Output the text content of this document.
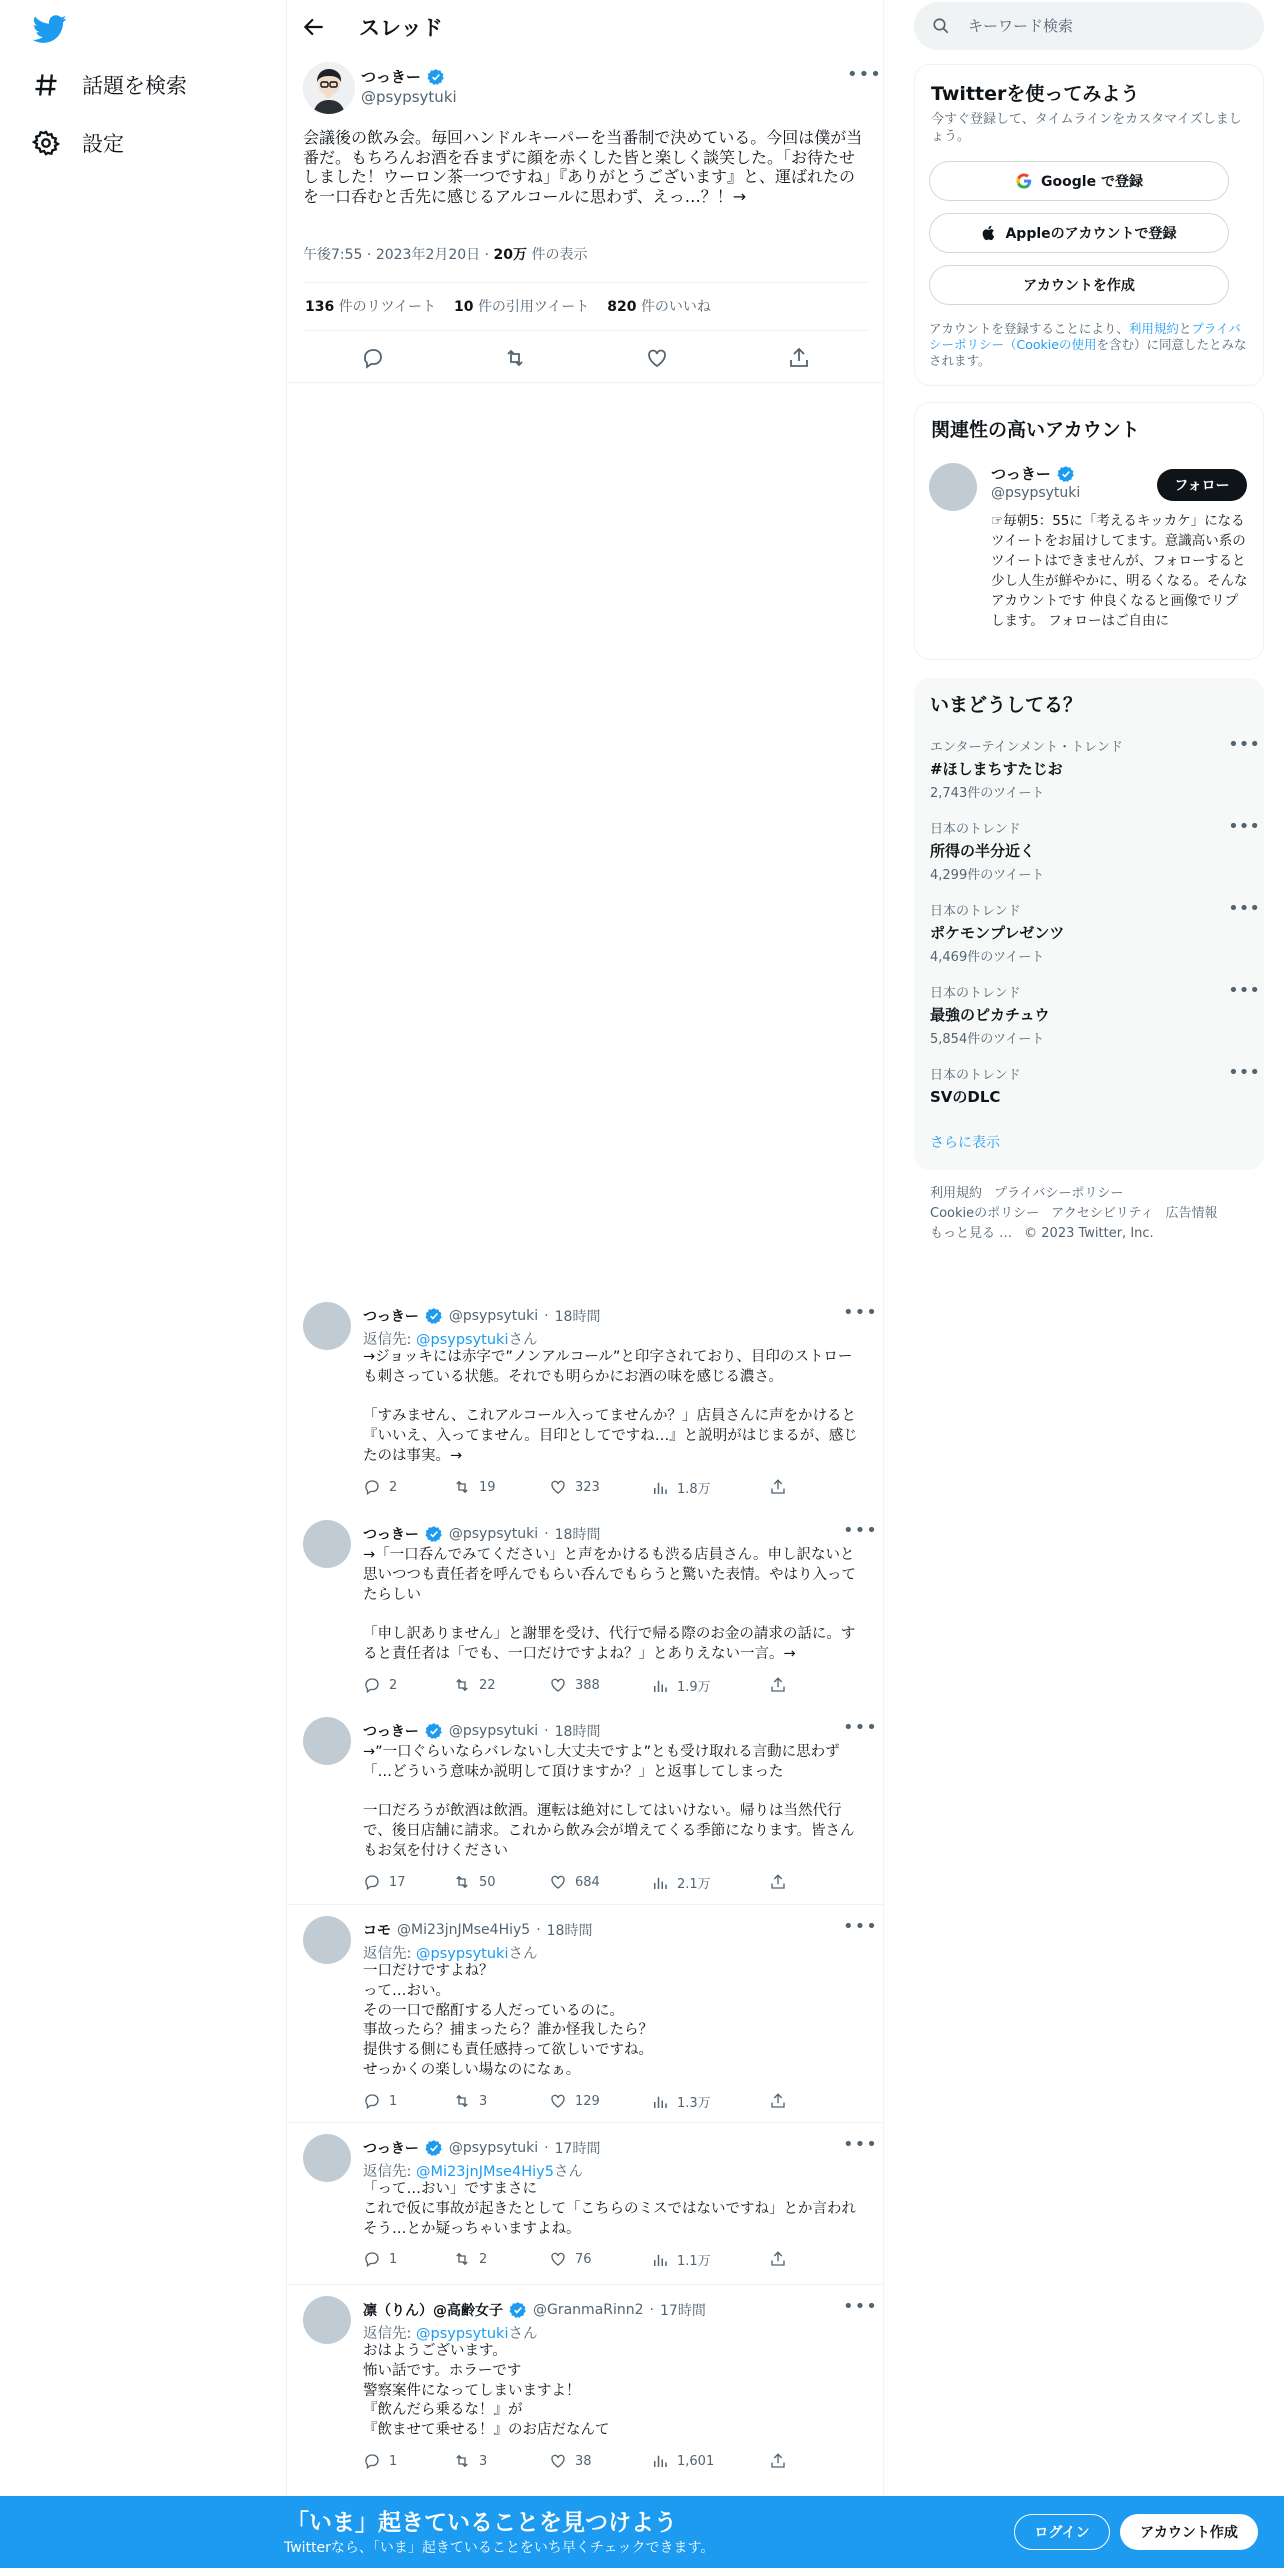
話題を検索
設定
スレッド
つっきー
@psypsytuki
•••
会議後の飲み会。毎回ハンドルキーパーを当番制で決めている。今回は僕が当番だ。もちろんお酒を呑まずに顔を赤くした皆と楽しく談笑した。「お待たせしました！ウーロン茶一つですね」『ありがとうございます』と、運ばれたのを一口呑むと舌先に感じるアルコールに思わず、えっ…？！→
午後7:55 · 2023年2月20日 · 20万 件の表示
136 件のリツイート 10 件の引用ツイート 820 件のいいね
つっきー @psypsytuki · 18時間	•••
返信先: @psypsytukiさん
→ジョッキには赤字で”ノンアルコール”と印字されており、目印のストローも刺さっている状態。それでも明らかにお酒の味を感じる濃さ。

「すみません、これアルコール入ってませんか？」店員さんに声をかけると『いいえ、入ってません。目印としてですね…』と説明がはじまるが、感じたのは事実。→
2	19	323	1.8万
つっきー @psypsytuki · 18時間	•••
→「一口呑んでみてください」と声をかけるも渋る店員さん。申し訳ないと思いつつも責任者を呼んでもらい呑んでもらうと驚いた表情。やはり入ってたらしい

「申し訳ありません」と謝罪を受け、代行で帰る際のお金の請求の話に。すると責任者は「でも、一口だけですよね？」とありえない一言。→
2	22	388	1.9万
つっきー @psypsytuki · 18時間	•••
→”一口ぐらいならバレないし大丈夫ですよ”とも受け取れる言動に思わず「…どういう意味か説明して頂けますか？」と返事してしまった

一口だろうが飲酒は飲酒。運転は絶対にしてはいけない。帰りは当然代行で、後日店舗に請求。これから飲み会が増えてくる季節になります。皆さんもお気を付けください
17	50	684	2.1万
コモ @Mi23jnJMse4Hiy5 · 18時間	•••
返信先: @psypsytukiさん
一口だけですよね？
って…おい。
その一口で酩酊する人だっているのに。
事故ったら？捕まったら？誰か怪我したら？
提供する側にも責任感持って欲しいですね。
せっかくの楽しい場なのになぁ。
1	3	129	1.3万
つっきー @psypsytuki · 17時間	•••
返信先: @Mi23jnJMse4Hiy5さん
「って…おい」ですまさに
これで仮に事故が起きたとして「こちらのミスではないですね」とか言われそう…とか疑っちゃいますよね。
1	2	76	1.1万
凛（りん）@高齢女子 @GranmaRinn2 · 17時間	•••
返信先: @psypsytukiさん
おはようございます。
怖い話です。ホラーです
警察案件になってしまいますよ！
『飲んだら乗るな！』が
『飲ませて乗せる！』のお店だなんて
1	3	38	1,601
キーワード検索
Twitterを使ってみよう
今すぐ登録して、タイムラインをカスタマイズしましょう。
Google で登録
Appleのアカウントで登録
アカウントを作成
アカウントを登録することにより、利用規約とプライバシーポリシー（Cookieの使用を含む）に同意したとみなされます。
関連性の高いアカウント
つっきー
@psypsytuki	フォロー
☞毎朝5：55に「考えるキッカケ」になるツイートをお届けしてます。意識高い系のツイートはできませんが、フォローすると少し人生が鮮やかに、明るくなる。そんなアカウントです 仲良くなると画像でリプします。 フォローはご自由に
いまどうしてる？
エンターテインメント・トレンド
#ほしまちすたじお
2,743件のツイート
•••
日本のトレンド
所得の半分近く
4,299件のツイート
•••
日本のトレンド
ポケモンプレゼンツ
4,469件のツイート
•••
日本のトレンド
最強のピカチュウ
5,854件のツイート
•••
日本のトレンド
SVのDLC
•••
さらに表示
利用規約 プライバシーポリシー
Cookieのポリシー アクセシビリティ 広告情報
もっと見る … © 2023 Twitter, Inc.
「いま」起きていることを見つけよう
Twitterなら、「いま」起きていることをいち早くチェックできます。
ログイン	アカウント作成
